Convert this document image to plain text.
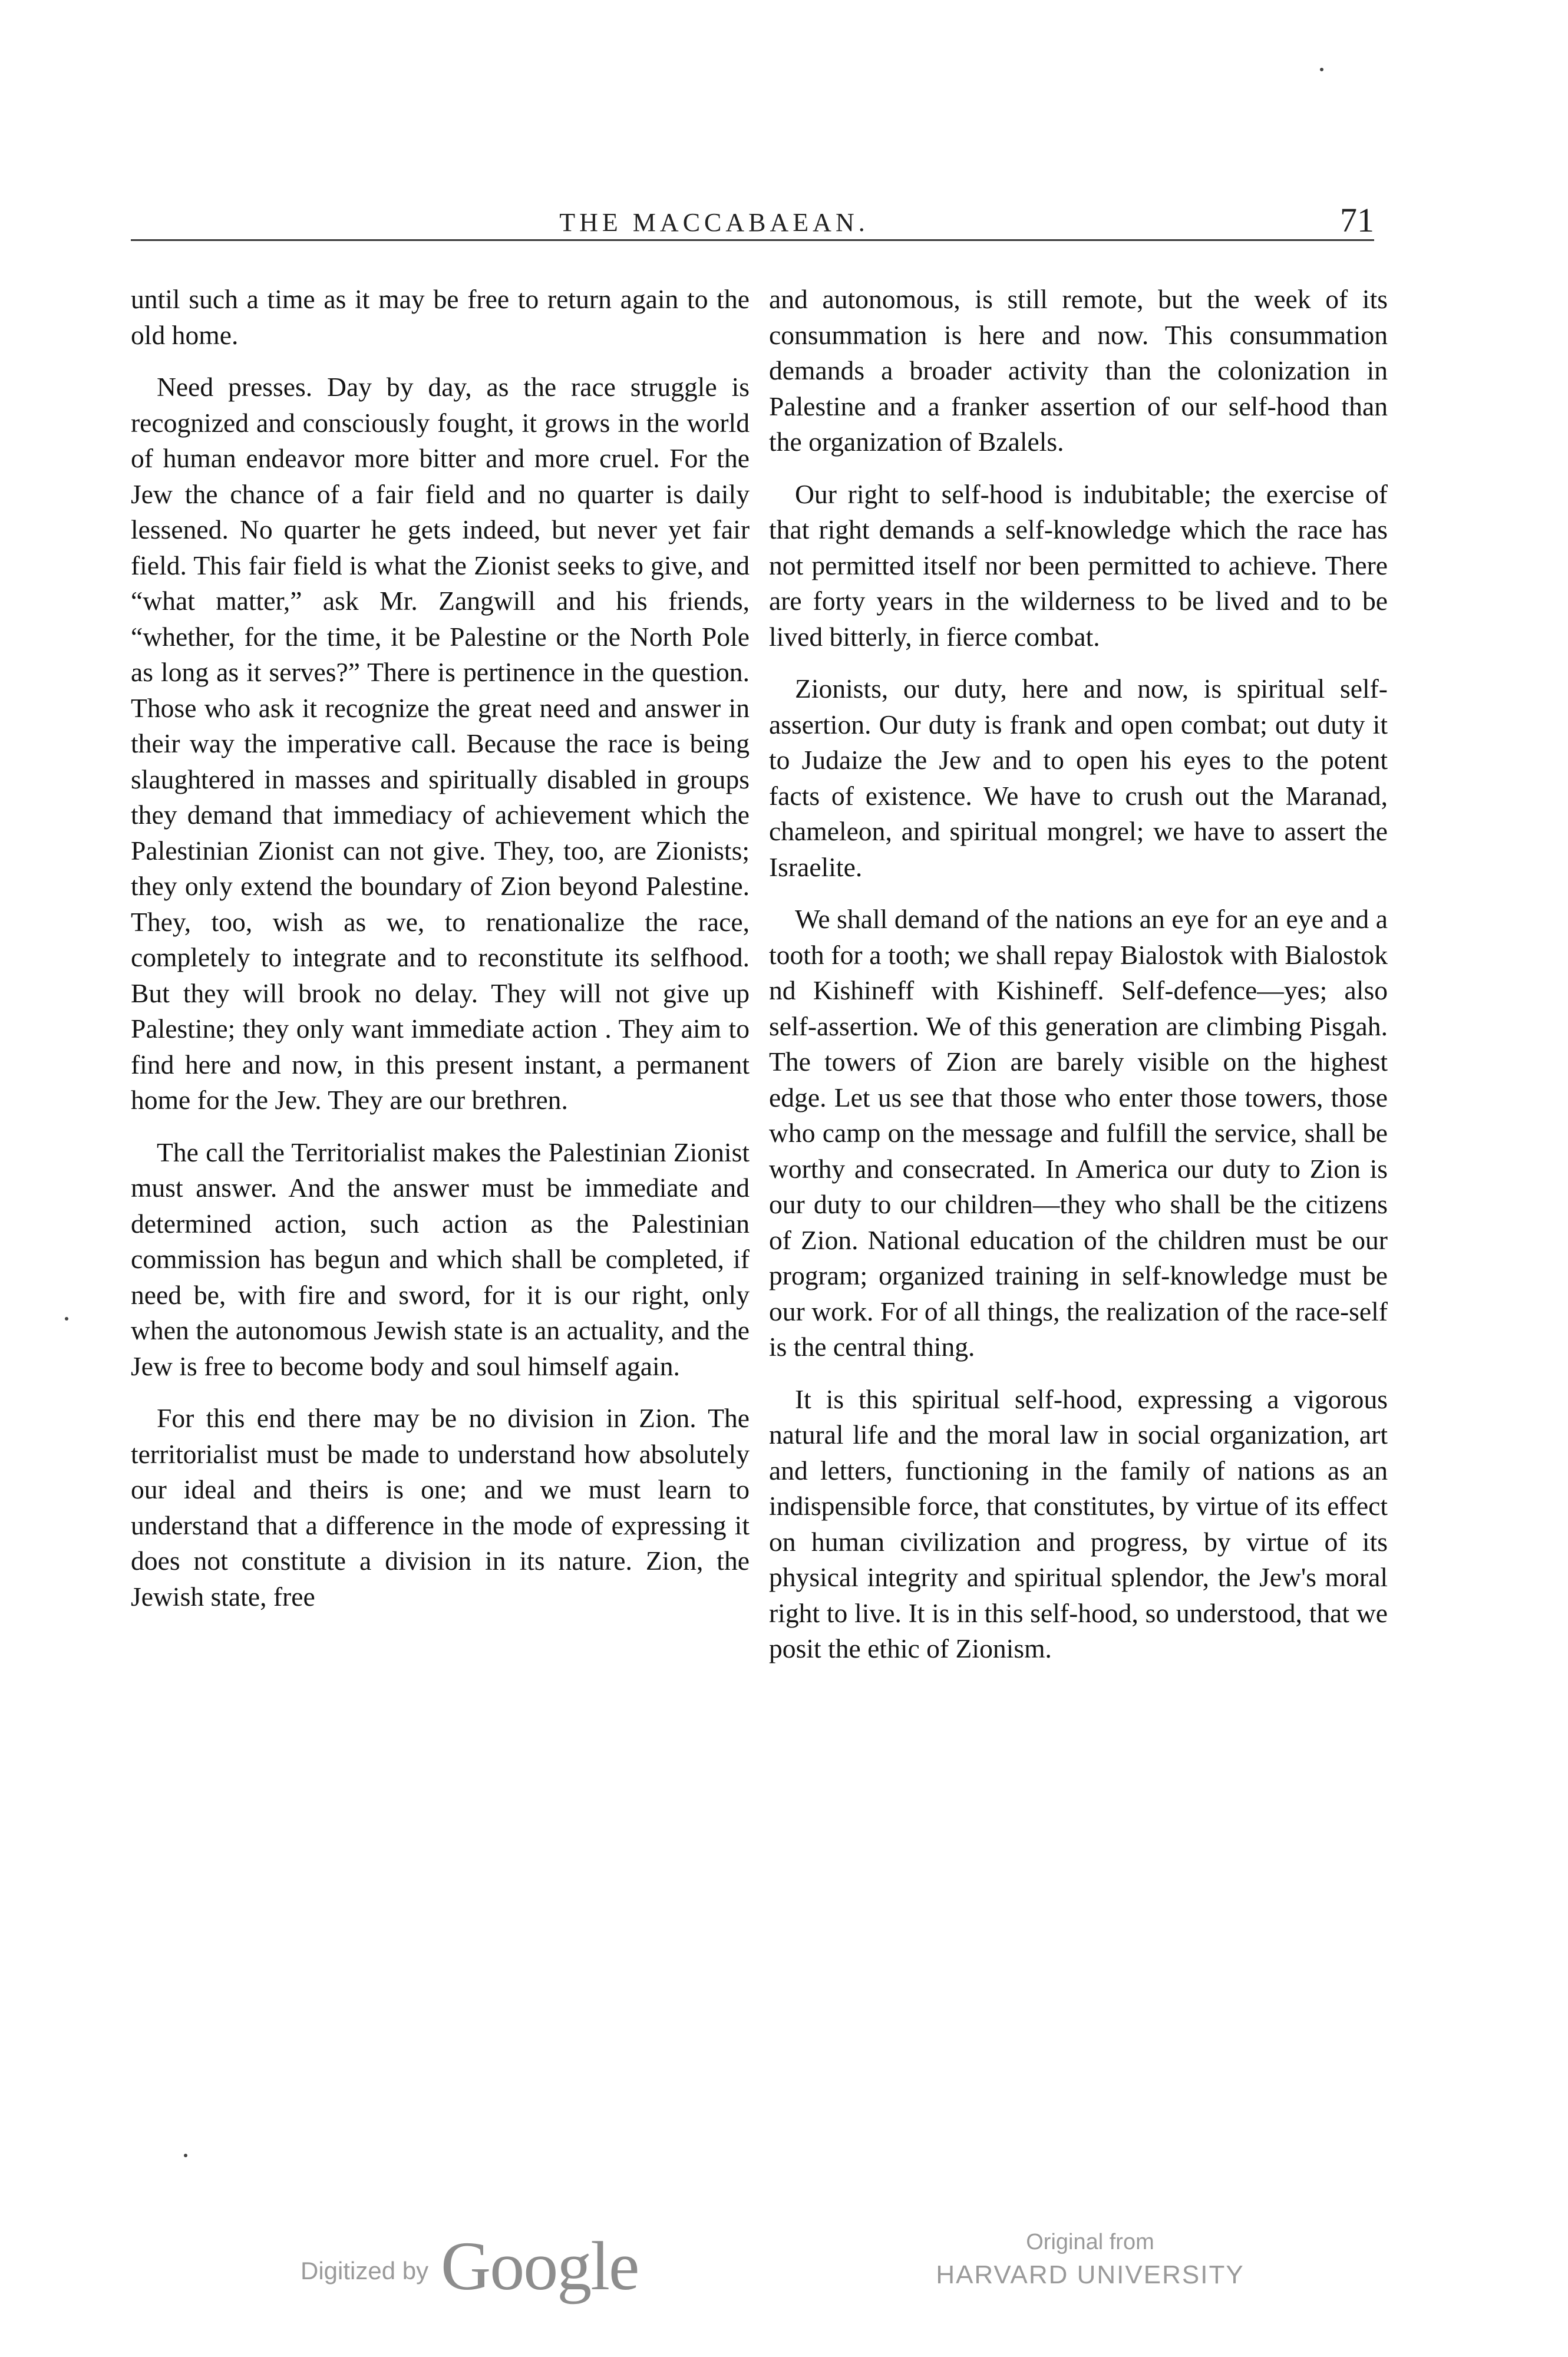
THE MACCABAEAN.	71

until such a time as it may be free to return again to the old home.

Need presses. Day by day, as the race struggle is recognized and consciously fought, it grows in the world of human endeavor more bitter and more cruel. For the Jew the chance of a fair field and no quarter is daily lessened. No quarter he gets indeed, but never yet fair field. This fair field is what the Zionist seeks to give, and “what matter,” ask Mr. Zangwill and his friends, “whether, for the time, it be Palestine or the North Pole as long as it serves?” There is pertinence in the question. Those who ask it recognize the great need and answer in their way the imperative call. Because the race is being slaughtered in masses and spiritually disabled in groups they demand that immediacy of achievement which the Palestinian Zionist can not give. They, too, are Zionists; they only extend the boundary of Zion beyond Palestine. They, too, wish as we, to renationalize the race, completely to integrate and to reconstitute its selfhood. But they will brook no delay. They will not give up Palestine; they only want immediate action . They aim to find here and now, in this present instant, a permanent home for the Jew. They are our brethren.

The call the Territorialist makes the Palestinian Zionist must answer. And the answer must be immediate and determined action, such action as the Palestinian commission has begun and which shall be completed, if need be, with fire and sword, for it is our right, only when the autonomous Jewish state is an actuality, and the Jew is free to become body and soul himself again.

For this end there may be no division in Zion. The territorialist must be made to understand how absolutely our ideal and theirs is one; and we must learn to understand that a difference in the mode of expressing it does not constitute a division in its nature. Zion, the Jewish state, free

and autonomous, is still remote, but the week of its consummation is here and now. This consummation demands a broader activity than the colonization in Palestine and a franker assertion of our self-hood than the organization of Bzalels.

Our right to self-hood is indubitable; the exercise of that right demands a self-knowledge which the race has not permitted itself nor been permitted to achieve. There are forty years in the wilderness to be lived and to be lived bitterly, in fierce combat.

Zionists, our duty, here and now, is spiritual self-assertion. Our duty is frank and open combat; out duty it to Judaize the Jew and to open his eyes to the potent facts of existence. We have to crush out the Maranad, chameleon, and spiritual mongrel; we have to assert the Israelite.

We shall demand of the nations an eye for an eye and a tooth for a tooth; we shall repay Bialostok with Bialostok nd Kishineff with Kishineff. Self-defence—yes; also self-assertion. We of this generation are climbing Pisgah. The towers of Zion are barely visible on the highest edge. Let us see that those who enter those towers, those who camp on the message and fulfill the service, shall be worthy and consecrated. In America our duty to Zion is our duty to our children—they who shall be the citizens of Zion. National education of the children must be our program; organized training in self-knowledge must be our work. For of all things, the realization of the race-self is the central thing.

It is this spiritual self-hood, expressing a vigorous natural life and the moral law in social organization, art and letters, functioning in the family of nations as an indispensible force, that constitutes, by virtue of its effect on human civilization and progress, by virtue of its physical integrity and spiritual splendor, the Jew's moral right to live. It is in this self-hood, so understood, that we posit the ethic of Zionism.

Digitized by Google	Original from
HARVARD UNIVERSITY
